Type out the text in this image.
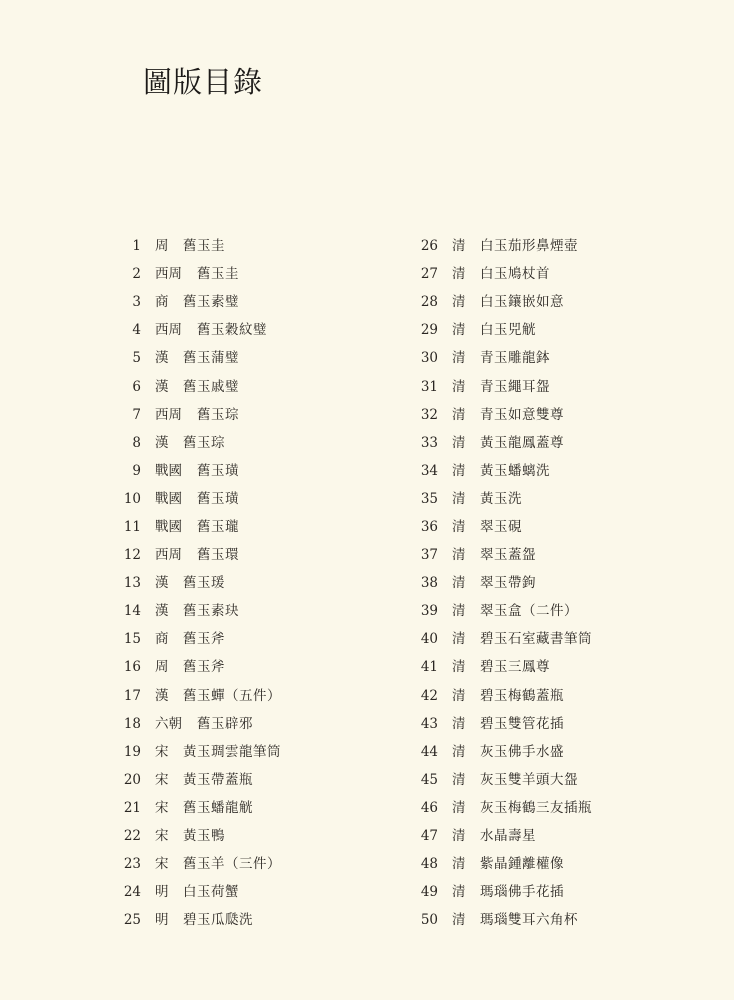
圖版目錄
1	周	舊玉圭
2	西周	舊玉圭
3	商	舊玉素璧
4	西周	舊玉穀紋璧
5	漢	舊玉蒲璧
6	漢	舊玉戚璧
7	西周	舊玉琮
8	漢	舊玉琮
9	戰國	舊玉璜
10	戰國	舊玉璜
11	戰國	舊玉瓏
12	西周	舊玉環
13	漢	舊玉瑗
14	漢	舊玉素玦
15	商	舊玉斧
16	周	舊玉斧
17	漢	舊玉蟬（五件）
18	六朝	舊玉辟邪
19	宋	黃玉琱雲龍筆筒
20	宋	黃玉帶蓋瓶
21	宋	舊玉蟠龍觥
22	宋	黃玉鴨
23	宋	舊玉羊（三件）
24	明	白玉荷蟹
25	明	碧玉瓜瓞洗
26	清	白玉茄形鼻煙壺
27	清	白玉鳩杖首
28	清	白玉鑲嵌如意
29	清	白玉兕觥
30	清	青玉雕龍鉢
31	清	青玉繩耳盌
32	清	青玉如意雙尊
33	清	黃玉龍鳳蓋尊
34	清	黃玉蟠螭洗
35	清	黃玉洗
36	清	翠玉硯
37	清	翠玉蓋盌
38	清	翠玉帶鉤
39	清	翠玉盒（二件）
40	清	碧玉石室藏書筆筒
41	清	碧玉三鳳尊
42	清	碧玉梅鶴蓋瓶
43	清	碧玉雙管花插
44	清	灰玉佛手水盛
45	清	灰玉雙羊頭大盌
46	清	灰玉梅鶴三友插瓶
47	清	水晶壽星
48	清	紫晶鍾離權像
49	清	瑪瑙佛手花插
50	清	瑪瑙雙耳六角杯
